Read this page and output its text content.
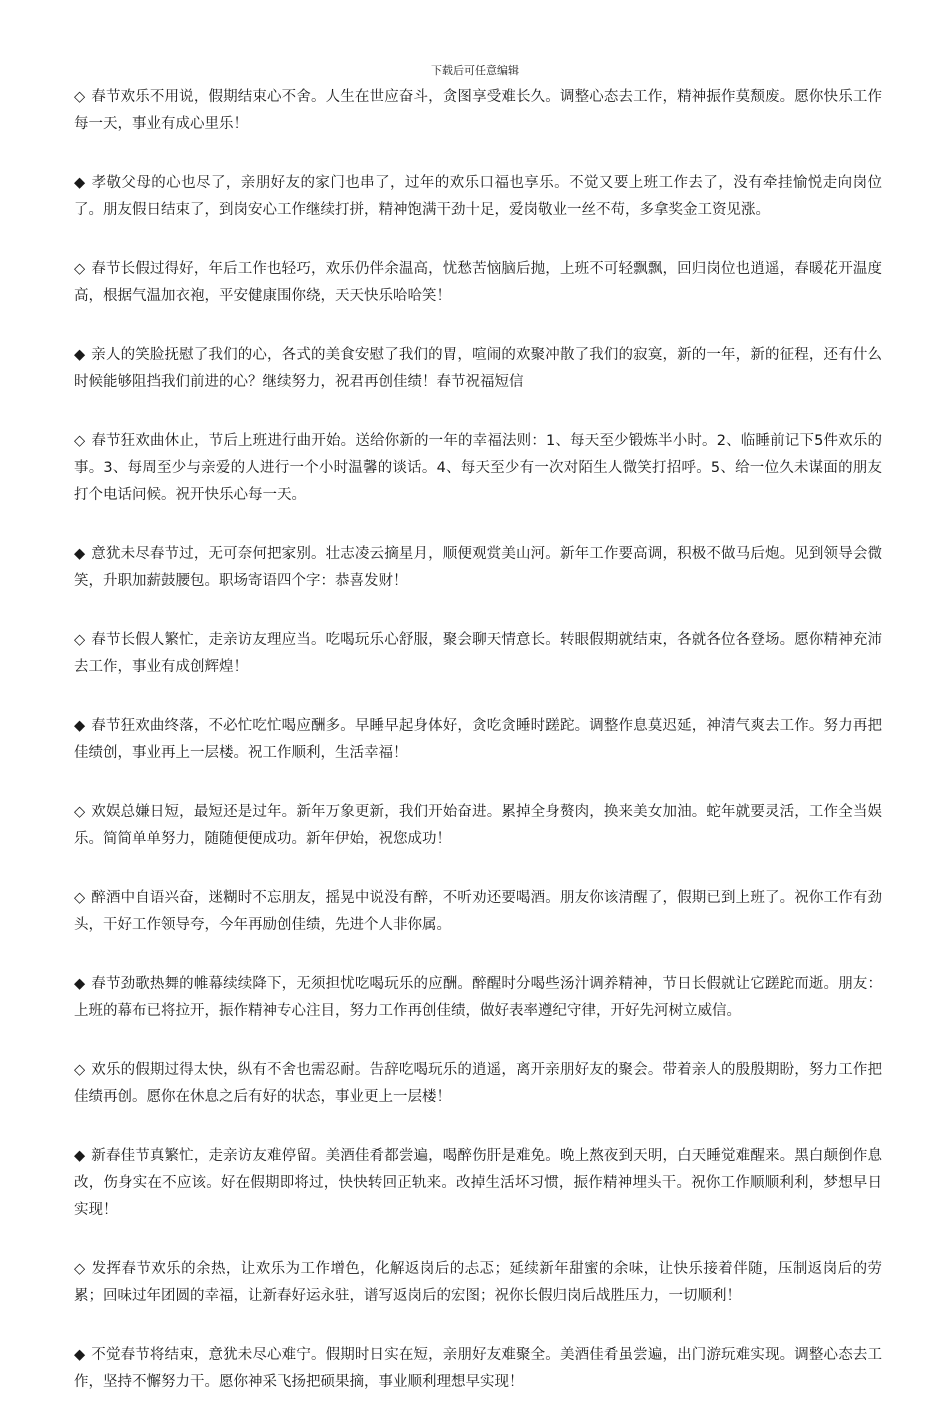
下载后可任意编辑

◇ 春节欢乐不用说，假期结束心不舍。人生在世应奋斗，贪图享受难长久。调整心态去工作，精神振作莫颓废。愿你快乐工作每一天，事业有成心里乐！

◆ 孝敬父母的心也尽了，亲朋好友的家门也串了，过年的欢乐口福也享乐。不觉又要上班工作去了，没有牵挂愉悦走向岗位了。朋友假日结束了，到岗安心工作继续打拼，精神饱满干劲十足，爱岗敬业一丝不苟，多拿奖金工资见涨。

◇ 春节长假过得好，年后工作也轻巧，欢乐仍伴余温高，忧愁苦恼脑后抛，上班不可轻飘飘，回归岗位也逍遥，春暖花开温度高，根据气温加衣袍，平安健康围你绕，天天快乐哈哈笑！

◆ 亲人的笑脸抚慰了我们的心，各式的美食安慰了我们的胃，喧闹的欢聚冲散了我们的寂寞，新的一年，新的征程，还有什么时候能够阻挡我们前进的心？继续努力，祝君再创佳绩！春节祝福短信

◇ 春节狂欢曲休止，节后上班进行曲开始。送给你新的一年的幸福法则：1、每天至少锻炼半小时。2、临睡前记下5件欢乐的事。3、每周至少与亲爱的人进行一个小时温馨的谈话。4、每天至少有一次对陌生人微笑打招呼。5、给一位久未谋面的朋友打个电话问候。祝开快乐心每一天。

◆ 意犹未尽春节过，无可奈何把家别。壮志凌云摘星月，顺便观赏美山河。新年工作要高调，积极不做马后炮。见到领导会微笑，升职加薪鼓腰包。职场寄语四个字：恭喜发财！

◇ 春节长假人繁忙，走亲访友理应当。吃喝玩乐心舒服，聚会聊天情意长。转眼假期就结束，各就各位各登场。愿你精神充沛去工作，事业有成创辉煌！

◆ 春节狂欢曲终落，不必忙吃忙喝应酬多。早睡早起身体好，贪吃贪睡时蹉跎。调整作息莫迟延，神清气爽去工作。努力再把佳绩创，事业再上一层楼。祝工作顺利，生活幸福！

◇ 欢娱总嫌日短，最短还是过年。新年万象更新，我们开始奋进。累掉全身赘肉，换来美女加油。蛇年就要灵活，工作全当娱乐。简简单单努力，随随便便成功。新年伊始，祝您成功！

◇ 醉酒中自语兴奋，迷糊时不忘朋友，摇晃中说没有醉，不听劝还要喝酒。朋友你该清醒了，假期已到上班了。祝你工作有劲头，干好工作领导夸，今年再励创佳绩，先进个人非你属。

◆ 春节劲歌热舞的帷幕续续降下，无须担忧吃喝玩乐的应酬。醉醒时分喝些汤汁调养精神，节日长假就让它蹉跎而逝。朋友：上班的幕布已将拉开，振作精神专心注目，努力工作再创佳绩，做好表率遵纪守律，开好先河树立威信。

◇ 欢乐的假期过得太快，纵有不舍也需忍耐。告辞吃喝玩乐的逍遥，离开亲朋好友的聚会。带着亲人的殷殷期盼，努力工作把佳绩再创。愿你在休息之后有好的状态，事业更上一层楼！

◆ 新春佳节真繁忙，走亲访友难停留。美酒佳肴都尝遍，喝醉伤肝是难免。晚上熬夜到天明，白天睡觉难醒来。黑白颠倒作息改，伤身实在不应该。好在假期即将过，快快转回正轨来。改掉生活坏习惯，振作精神埋头干。祝你工作顺顺利利，梦想早日实现！

◇ 发挥春节欢乐的余热，让欢乐为工作增色，化解返岗后的忐忑；延续新年甜蜜的余味，让快乐接着伴随，压制返岗后的劳累；回味过年团圆的幸福，让新春好运永驻，谱写返岗后的宏图；祝你长假归岗后战胜压力，一切顺利！

◆ 不觉春节将结束，意犹未尽心难宁。假期时日实在短，亲朋好友难聚全。美酒佳肴虽尝遍，出门游玩难实现。调整心态去工作，坚持不懈努力干。愿你神采飞扬把硕果摘，事业顺利理想早实现！
